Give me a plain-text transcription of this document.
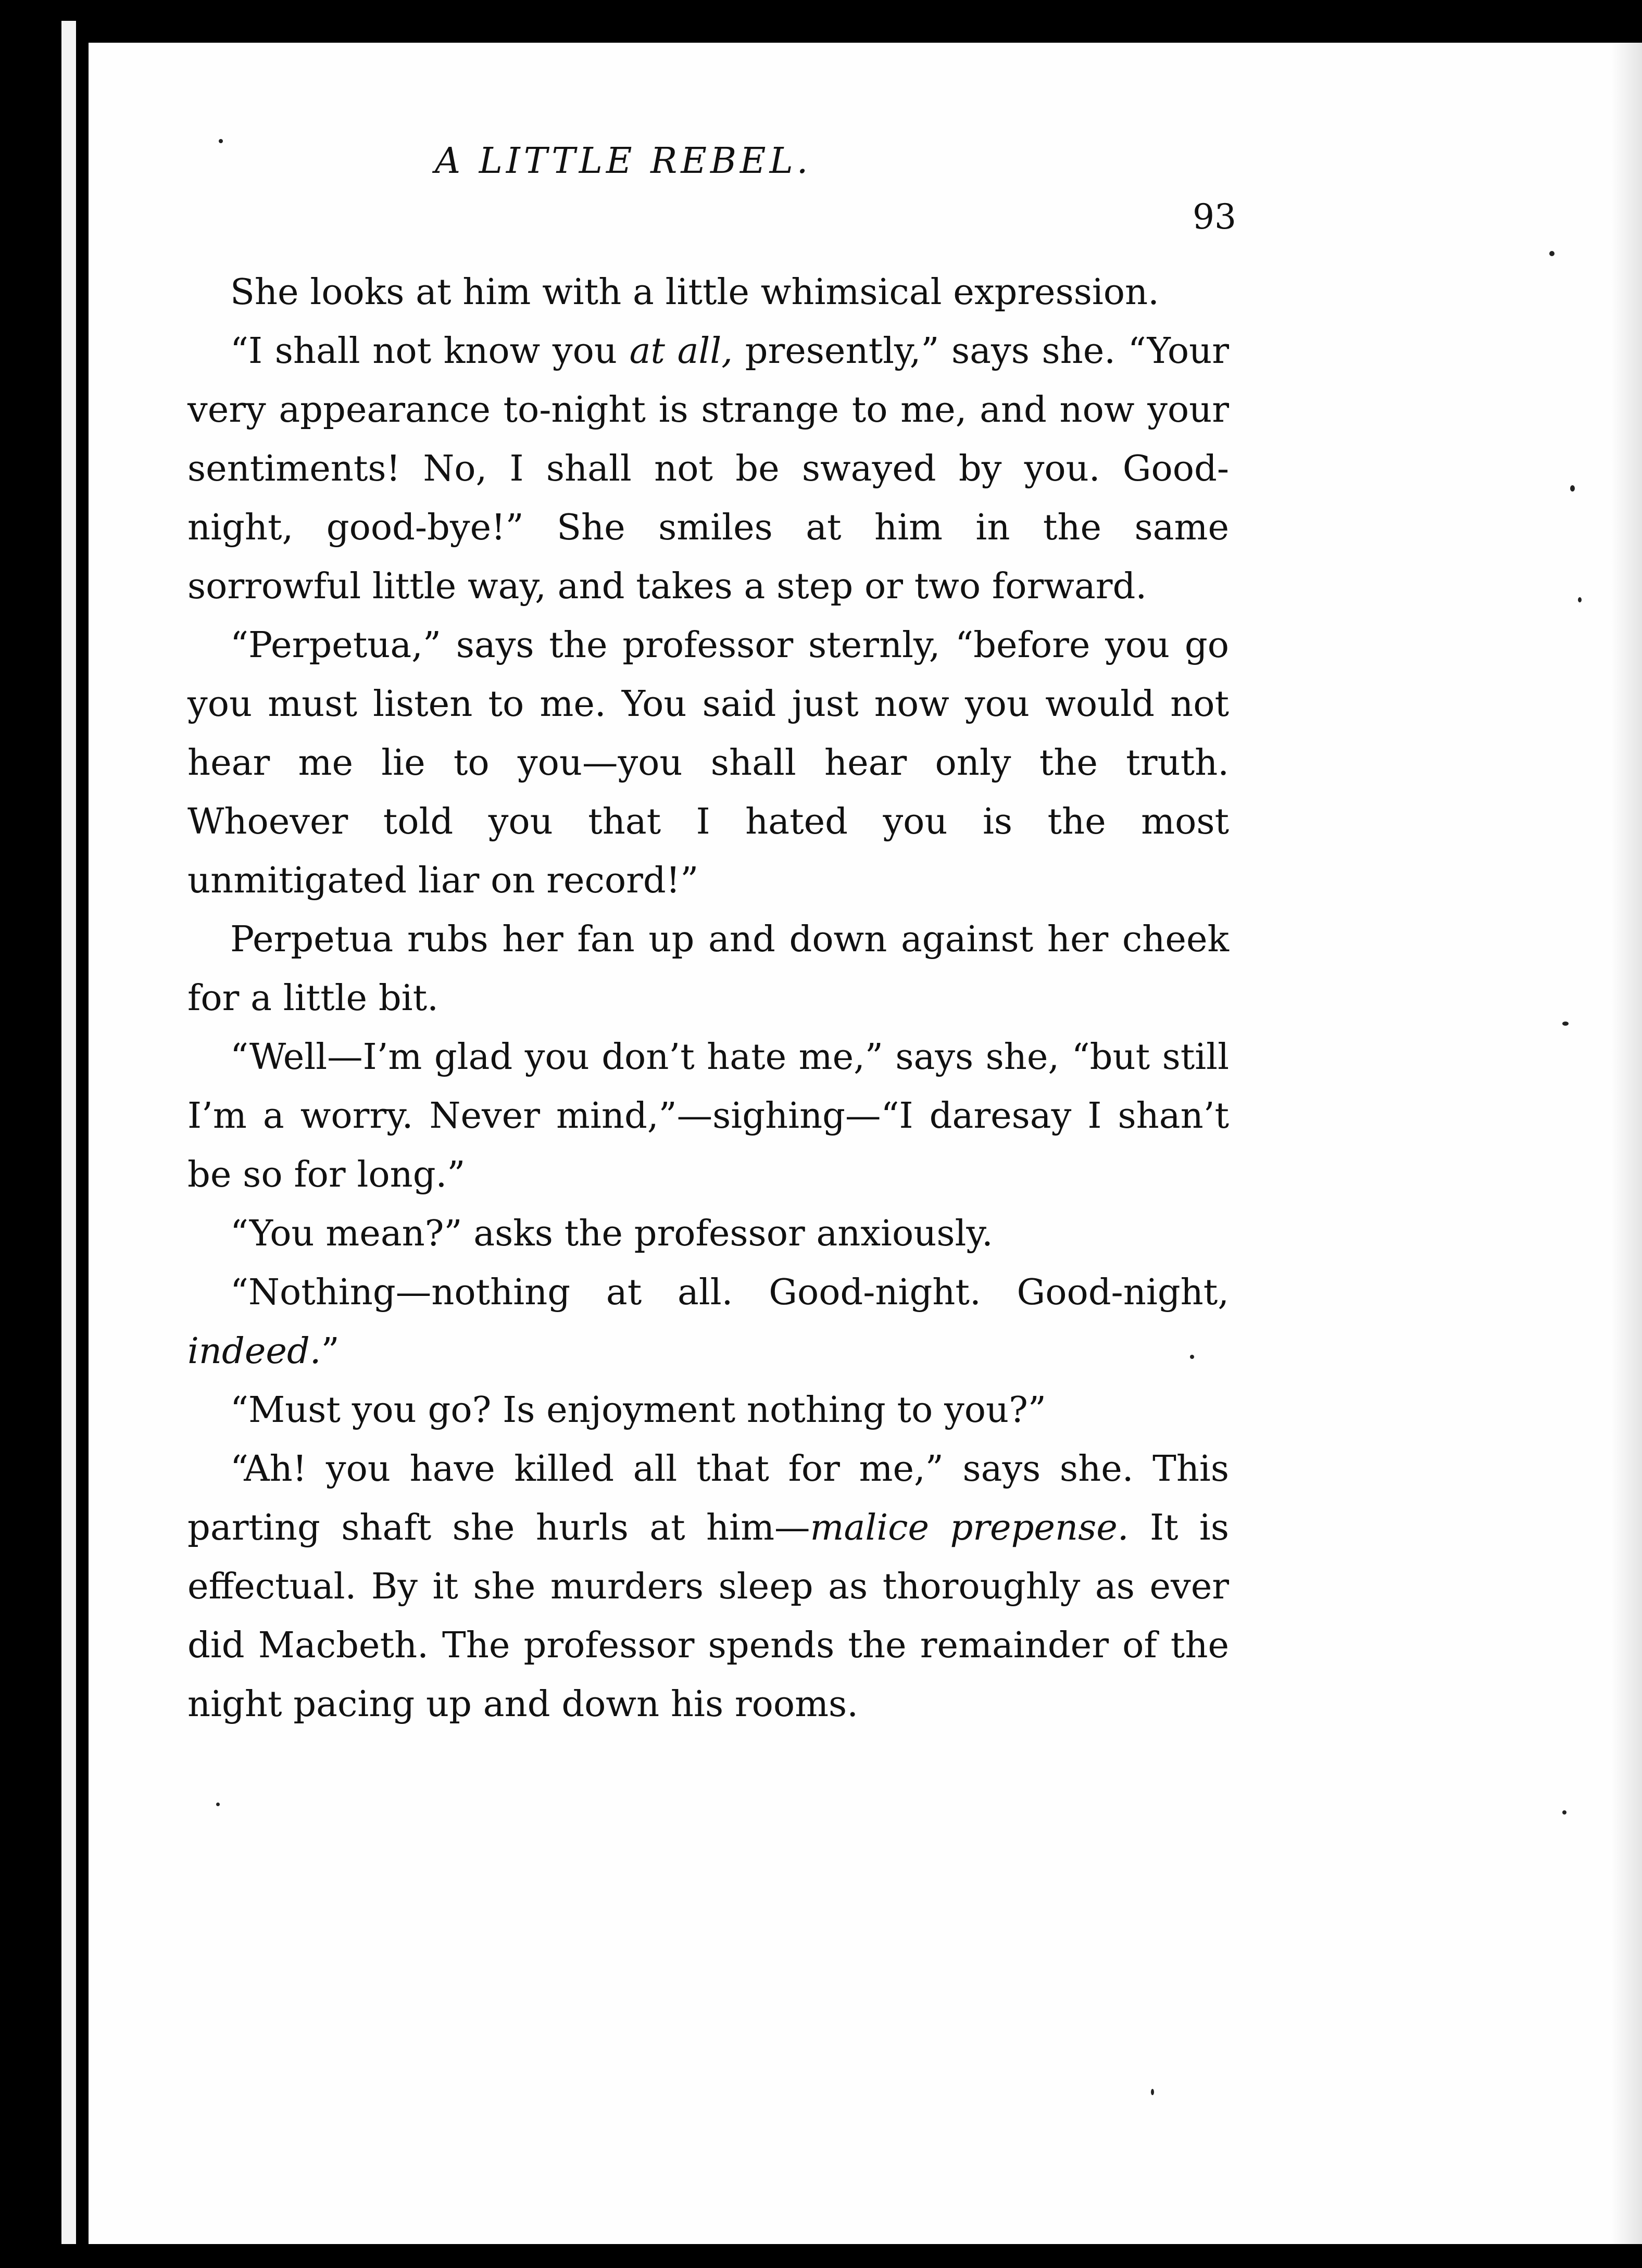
A LITTLE REBEL.
93

She looks at him with a little whimsical expression.

“I shall not know you at all, presently,” says she. “Your very appearance to-night is strange to me, and now your sentiments! No, I shall not be swayed by you. Good-night, good-bye!” She smiles at him in the same sorrowful little way, and takes a step or two forward.

“Perpetua,” says the professor sternly, “before you go you must listen to me. You said just now you would not hear me lie to you—you shall hear only the truth. Whoever told you that I hated you is the most unmitigated liar on record!”

Perpetua rubs her fan up and down against her cheek for a little bit.

“Well—I’m glad you don’t hate me,” says she, “but still I’m a worry. Never mind,”—sighing—“I daresay I shan’t be so for long.”

“You mean?” asks the professor anxiously.

“Nothing—nothing at all. Good-night. Good-night, indeed.”

“Must you go? Is enjoyment nothing to you?”

“Ah! you have killed all that for me,” says she. This parting shaft she hurls at him—malice prepense. It is effectual. By it she murders sleep as thoroughly as ever did Macbeth. The professor spends the remainder of the night pacing up and down his rooms.
